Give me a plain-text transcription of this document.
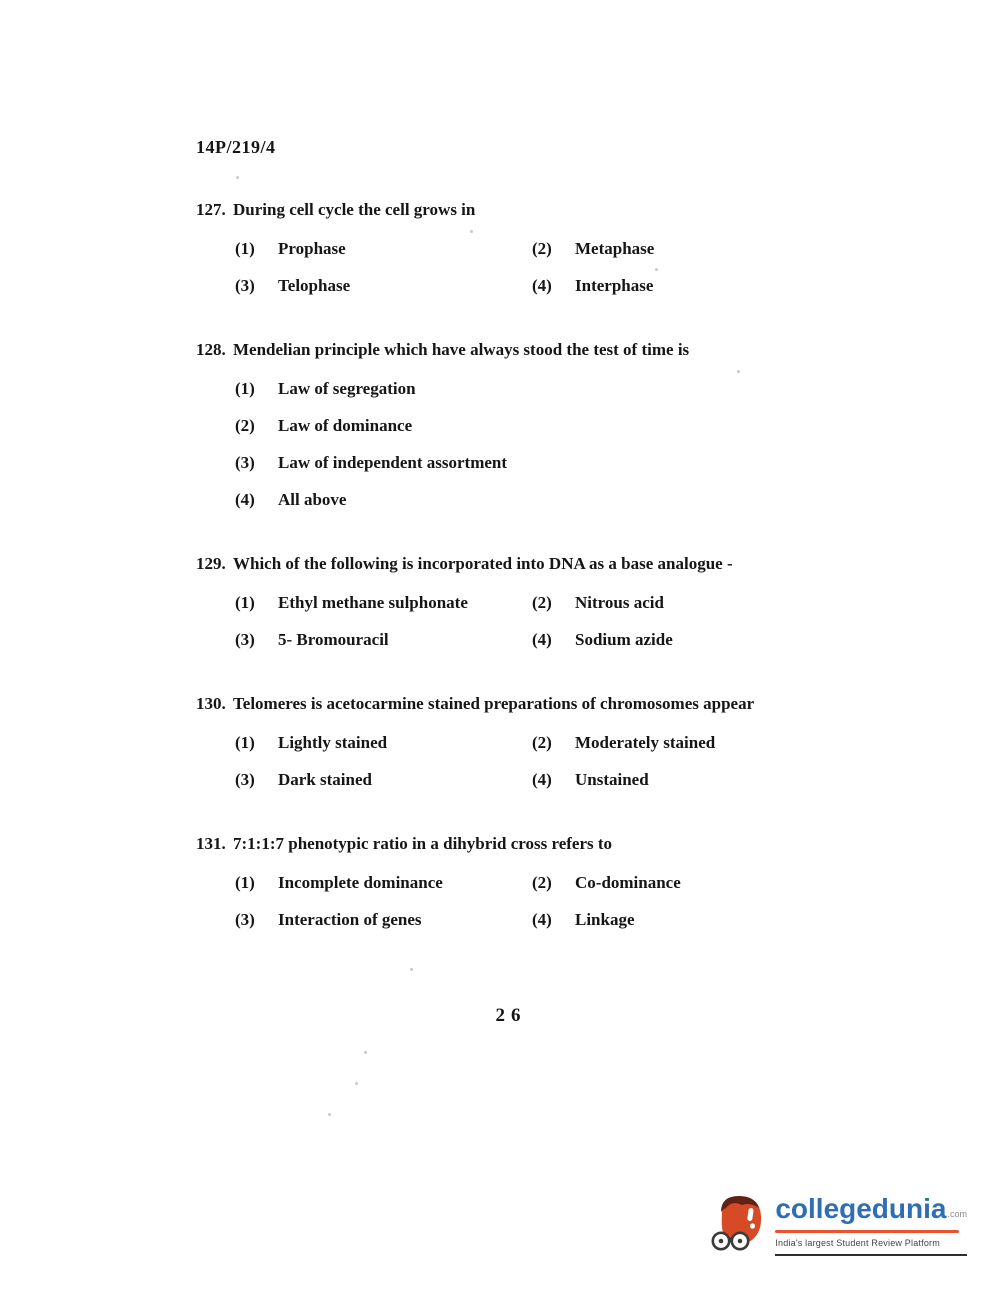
14P/219/4
127. During cell cycle the cell grows in
(1) Prophase	(2) Metaphase
(3) Telophase	(4) Interphase
128. Mendelian principle which have always stood the test of time is
(1) Law of segregation
(2) Law of dominance
(3) Law of independent assortment
(4) All above
129. Which of the following is incorporated into DNA as a base analogue -
(1) Ethyl methane sulphonate	(2) Nitrous acid
(3) 5- Bromouracil	(4) Sodium azide
130. Telomeres is acetocarmine stained preparations of chromosomes appear
(1) Lightly stained	(2) Moderately stained
(3) Dark stained	(4) Unstained
131. 7:1:1:7 phenotypic ratio in a dihybrid cross refers to
(1) Incomplete dominance	(2) Co-dominance
(3) Interaction of genes	(4) Linkage
26
collegedunia .com
India's largest Student Review Platform
